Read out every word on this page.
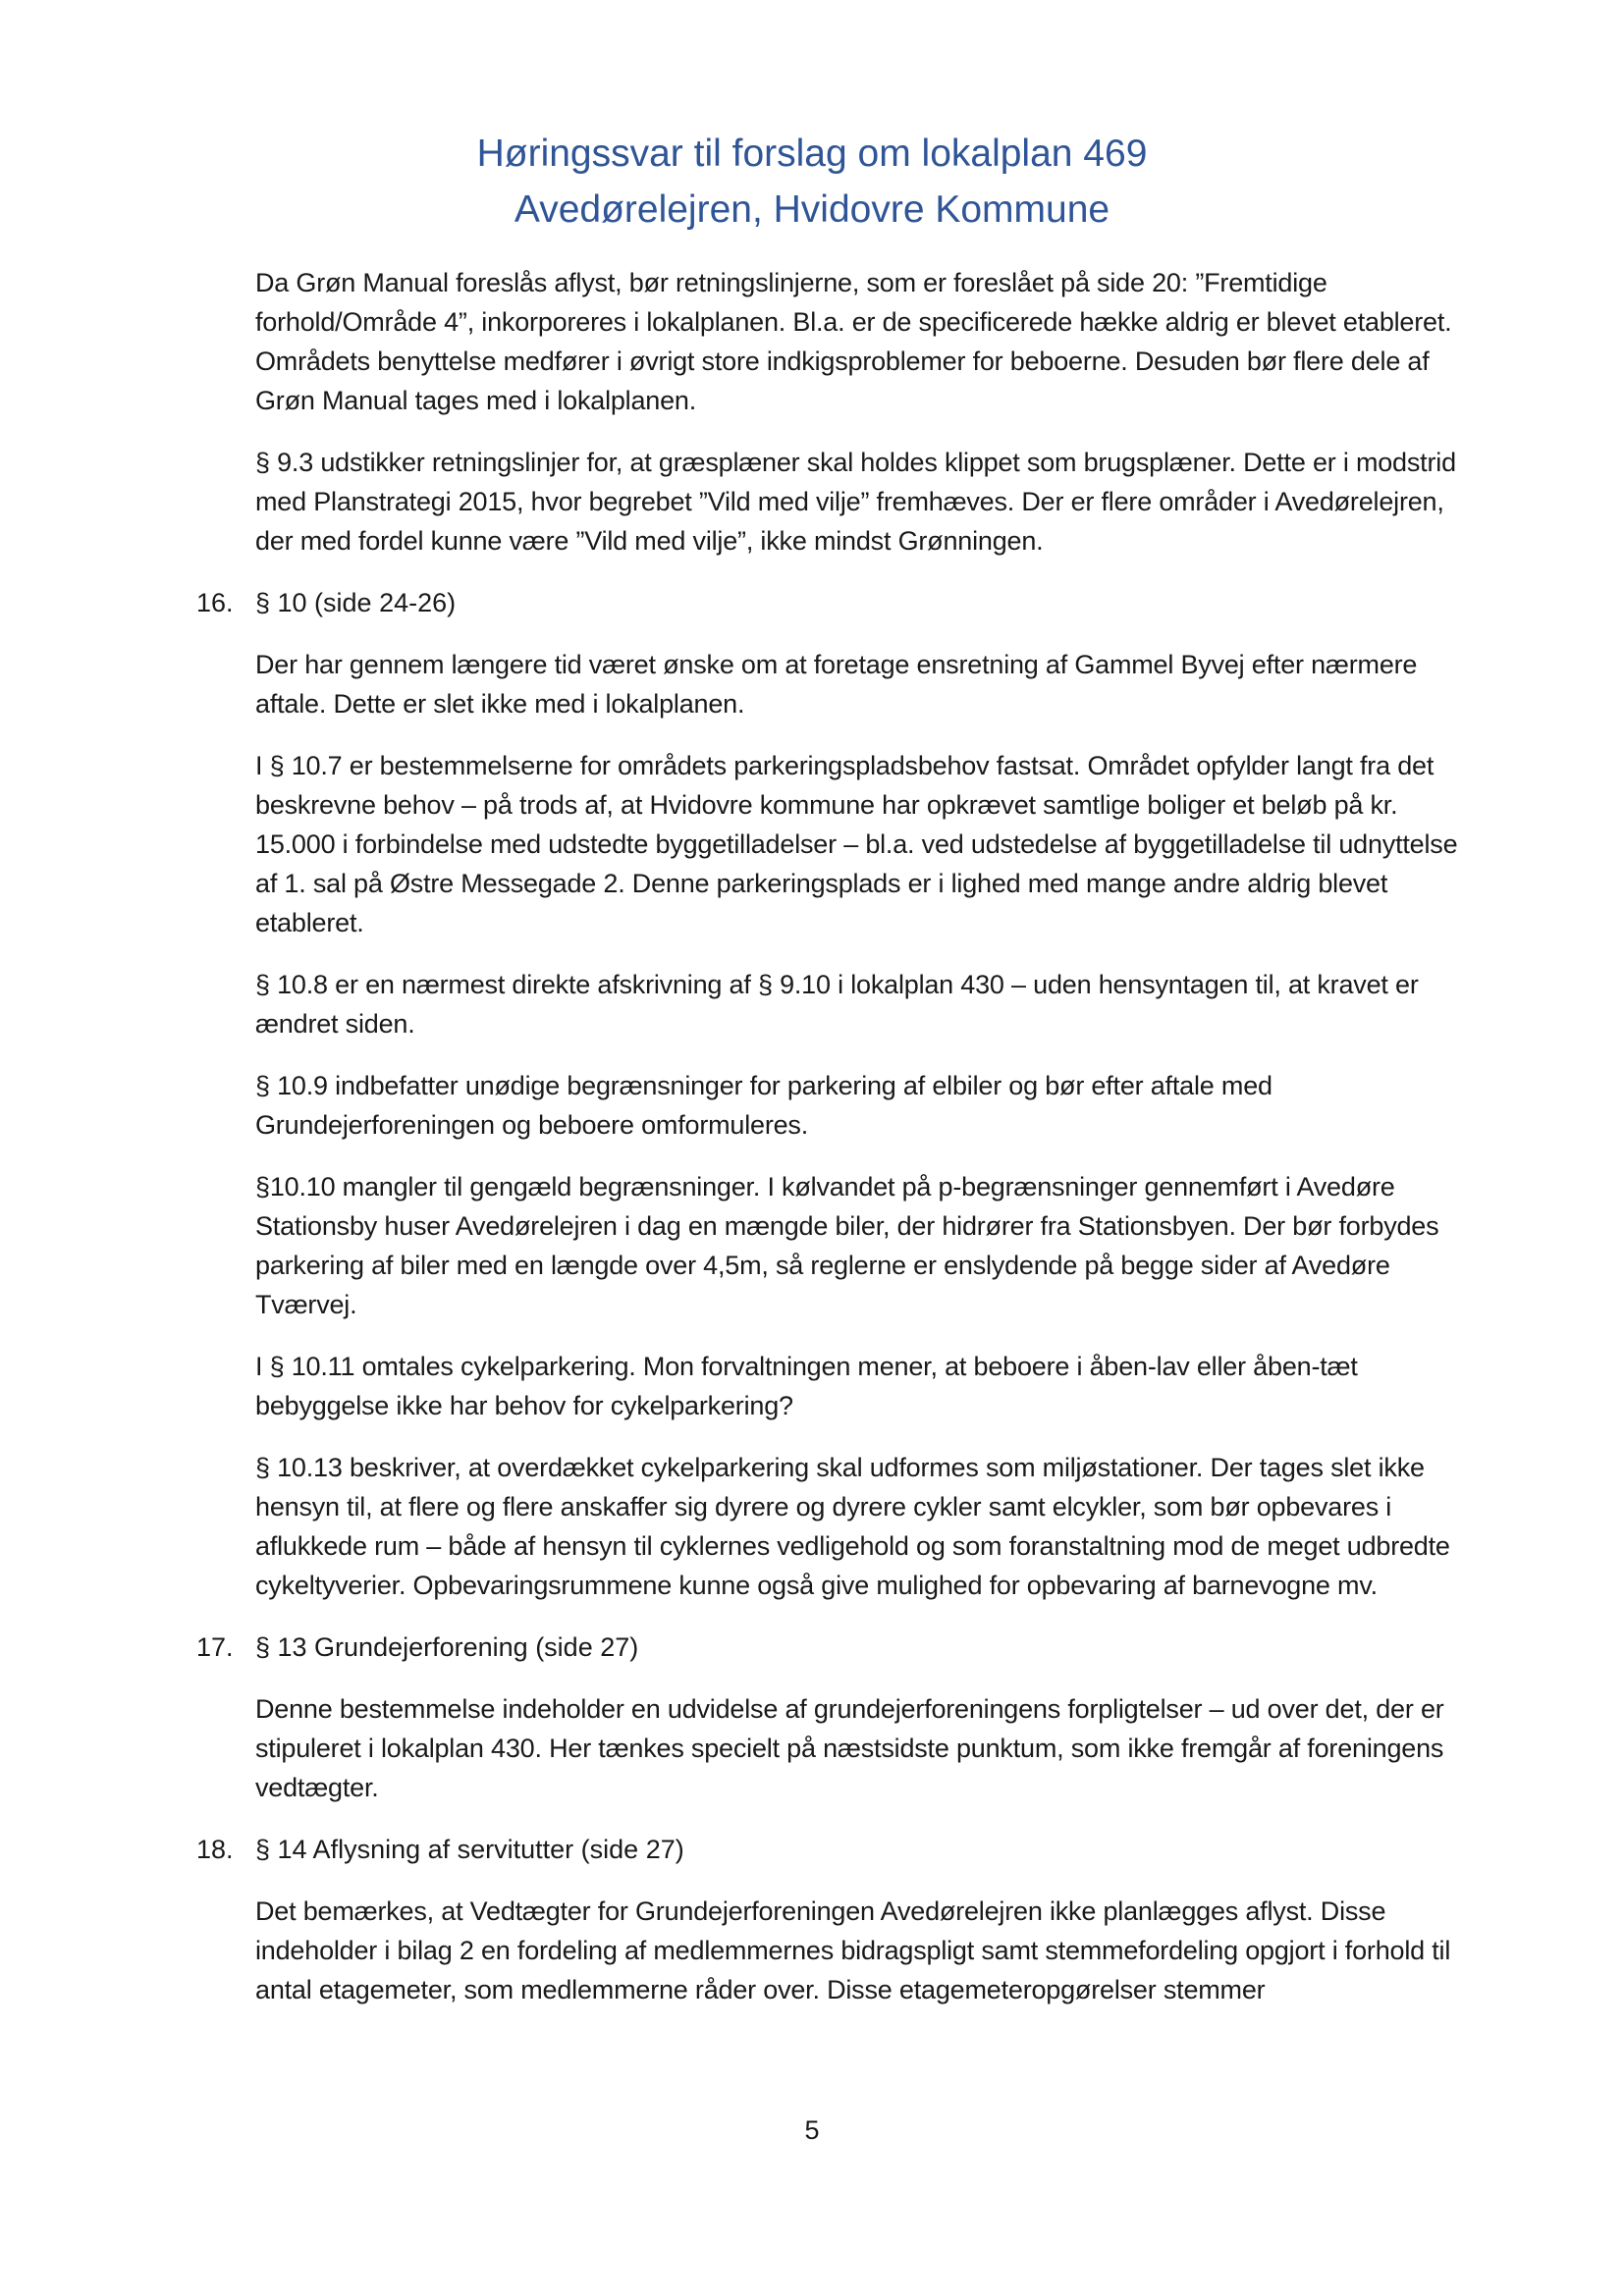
Høringssvar til forslag om lokalplan 469
Avedørelejren, Hvidovre Kommune

Da Grøn Manual foreslås aflyst, bør retningslinjerne, som er foreslået på side 20: ”Fremtidige forhold/Område 4”, inkorporeres i lokalplanen. Bl.a. er de specificerede hække aldrig er blevet etableret. Områdets benyttelse medfører i øvrigt store indkigsproblemer for beboerne. Desuden bør flere dele af Grøn Manual tages med i lokalplanen.

§ 9.3 udstikker retningslinjer for, at græsplæner skal holdes klippet som brugsplæner. Dette er i modstrid med Planstrategi 2015, hvor begrebet ”Vild med vilje” fremhæves. Der er flere områder i Avedørelejren, der med fordel kunne være ”Vild med vilje”, ikke mindst Grønningen.

16. § 10 (side 24-26)

Der har gennem længere tid været ønske om at foretage ensretning af Gammel Byvej efter nærmere aftale. Dette er slet ikke med i lokalplanen.

I § 10.7 er bestemmelserne for områdets parkeringspladsbehov fastsat. Området opfylder langt fra det beskrevne behov – på trods af, at Hvidovre kommune har opkrævet samtlige boliger et beløb på kr. 15.000 i forbindelse med udstedte byggetilladelser – bl.a. ved udstedelse af byggetilladelse til udnyttelse af 1. sal på Østre Messegade 2. Denne parkeringsplads er i lighed med mange andre aldrig blevet etableret.

§ 10.8 er en nærmest direkte afskrivning af § 9.10 i lokalplan 430 – uden hensyntagen til, at kravet er ændret siden.

§ 10.9 indbefatter unødige begrænsninger for parkering af elbiler og bør efter aftale med Grundejerforeningen og beboere omformuleres.

§10.10 mangler til gengæld begrænsninger. I kølvandet på p-begrænsninger gennemført i Avedøre Stationsby huser Avedørelejren i dag en mængde biler, der hidrører fra Stationsbyen. Der bør forbydes parkering af biler med en længde over 4,5m, så reglerne er enslydende på begge sider af Avedøre Tværvej.

I § 10.11 omtales cykelparkering. Mon forvaltningen mener, at beboere i åben-lav eller åben-tæt bebyggelse ikke har behov for cykelparkering?

§ 10.13 beskriver, at overdækket cykelparkering skal udformes som miljøstationer. Der tages slet ikke hensyn til, at flere og flere anskaffer sig dyrere og dyrere cykler samt elcykler, som bør opbevares i aflukkede rum – både af hensyn til cyklernes vedligehold og som foranstaltning mod de meget udbredte cykeltyverier. Opbevaringsrummene kunne også give mulighed for opbevaring af barnevogne mv.

17. § 13 Grundejerforening (side 27)

Denne bestemmelse indeholder en udvidelse af grundejerforeningens forpligtelser – ud over det, der er stipuleret i lokalplan 430. Her tænkes specielt på næstsidste punktum, som ikke fremgår af foreningens vedtægter.

18. § 14 Aflysning af servitutter (side 27)

Det bemærkes, at Vedtægter for Grundejerforeningen Avedørelejren ikke planlægges aflyst. Disse indeholder i bilag 2 en fordeling af medlemmernes bidragspligt samt stemmefordeling opgjort i forhold til antal etagemeter, som medlemmerne råder over. Disse etagemeteropgørelser stemmer

5
